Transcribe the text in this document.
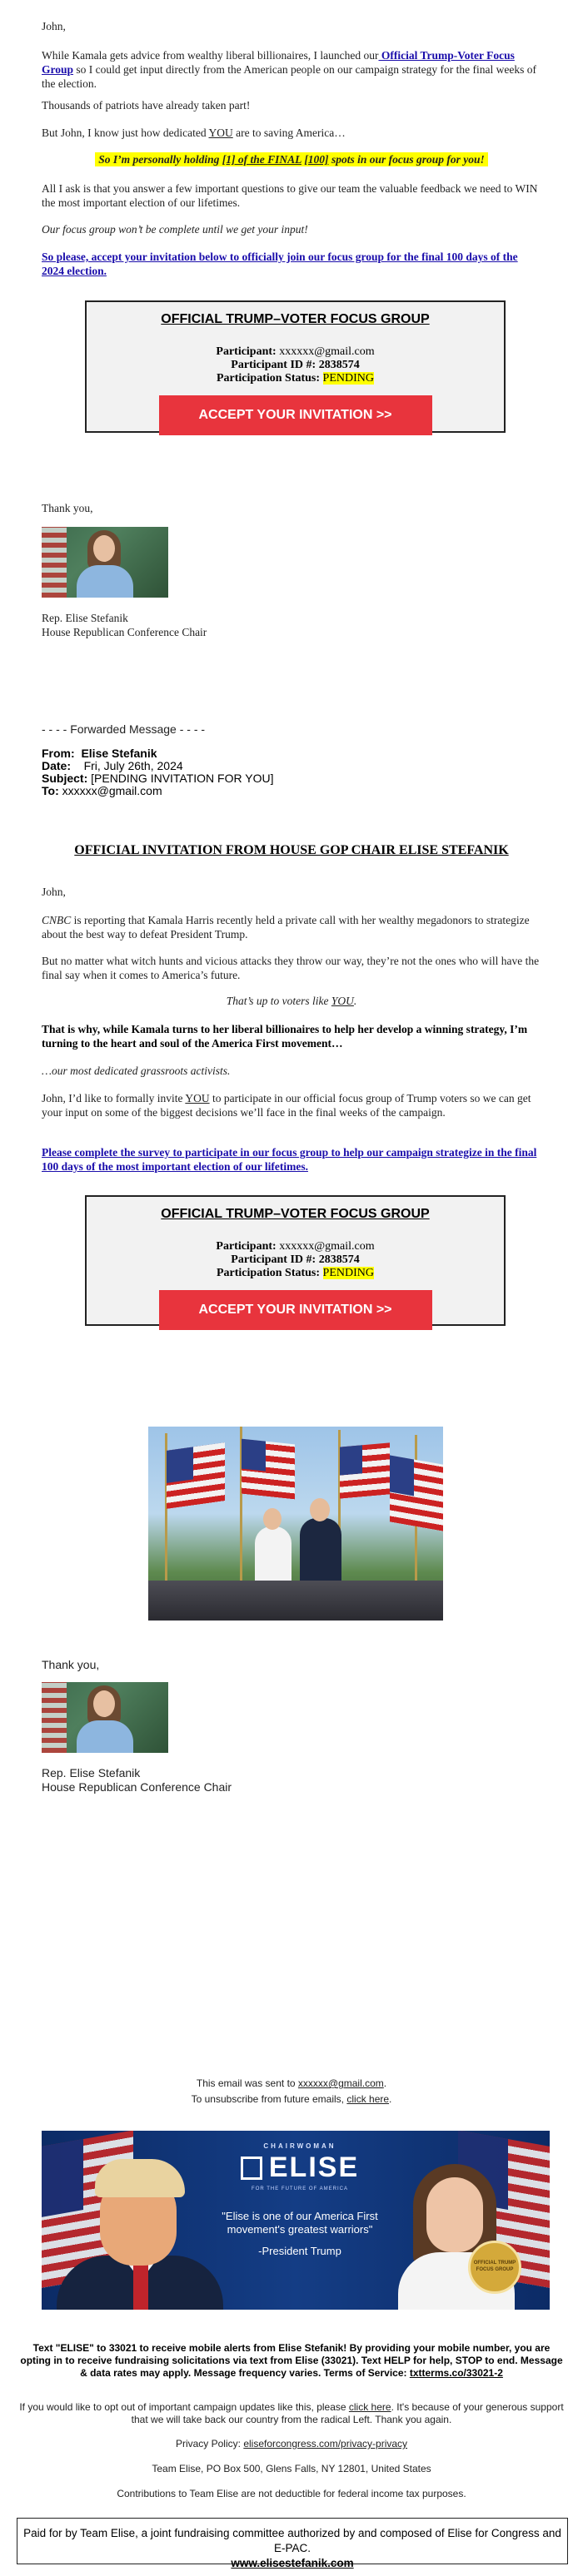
John,
While Kamala gets advice from wealthy liberal billionaires, I launched our Official Trump-Voter Focus Group so I could get input directly from the American people on our campaign strategy for the final weeks of the election.
Thousands of patriots have already taken part!
But John, I know just how dedicated YOU are to saving America…
So I’m personally holding [1] of the FINAL [100] spots in our focus group for you!
All I ask is that you answer a few important questions to give our team the valuable feedback we need to WIN the most important election of our lifetimes.
Our focus group won’t be complete until we get your input!
So please, accept your invitation below to officially join our focus group for the final 100 days of the 2024 election.
OFFICIAL TRUMP–VOTER FOCUS GROUP
Participant: xxxxxx@gmail.com
Participant ID #: 2838574
Participation Status: PENDING
ACCEPT YOUR INVITATION >>
Thank you,
Rep. Elise Stefanik
House Republican Conference Chair
- - - - Forwarded Message - - - -
From: Elise Stefanik
Date: Fri, July 26th, 2024
Subject: [PENDING INVITATION FOR YOU]
To: xxxxxx@gmail.com
OFFICIAL INVITATION FROM HOUSE GOP CHAIR ELISE STEFANIK
John,
CNBC is reporting that Kamala Harris recently held a private call with her wealthy megadonors to strategize about the best way to defeat President Trump.
But no matter what witch hunts and vicious attacks they throw our way, they’re not the ones who will have the final say when it comes to America’s future.
That’s up to voters like YOU.
That is why, while Kamala turns to her liberal billionaires to help her develop a winning strategy, I’m turning to the heart and soul of the America First movement…
…our most dedicated grassroots activists.
John, I’d like to formally invite YOU to participate in our official focus group of Trump voters so we can get your input on some of the biggest decisions we’ll face in the final weeks of the campaign.
Please complete the survey to participate in our focus group to help our campaign strategize in the final 100 days of the most important election of our lifetimes.
OFFICIAL TRUMP–VOTER FOCUS GROUP
Participant: xxxxxx@gmail.com
Participant ID #: 2838574
Participation Status: PENDING
ACCEPT YOUR INVITATION >>
Thank you,
Rep. Elise Stefanik
House Republican Conference Chair
This email was sent to xxxxxx@gmail.com.
To unsubscribe from future emails, click here.
OFFICIAL TRUMP FOCUS GROUP
CHAIRWOMAN
ELISE
FOR THE FUTURE OF AMERICA
"Elise is one of our America First movement's greatest warriors"
-President Trump
Text "ELISE" to 33021 to receive mobile alerts from Elise Stefanik! By providing your mobile number, you are opting in to receive fundraising solicitations via text from Elise (33021). Text HELP for help, STOP to end. Message & data rates may apply. Message frequency varies. Terms of Service: txtterms.co/33021-2
If you would like to opt out of important campaign updates like this, please click here. It's because of your generous support that we will take back our country from the radical Left. Thank you again.
Privacy Policy: eliseforcongress.com/privacy-privacy
Team Elise, PO Box 500, Glens Falls, NY 12801, United States
Contributions to Team Elise are not deductible for federal income tax purposes.
Paid for by Team Elise, a joint fundraising committee authorized by and composed of Elise for Congress and E-PAC.
www.elisestefanik.com
